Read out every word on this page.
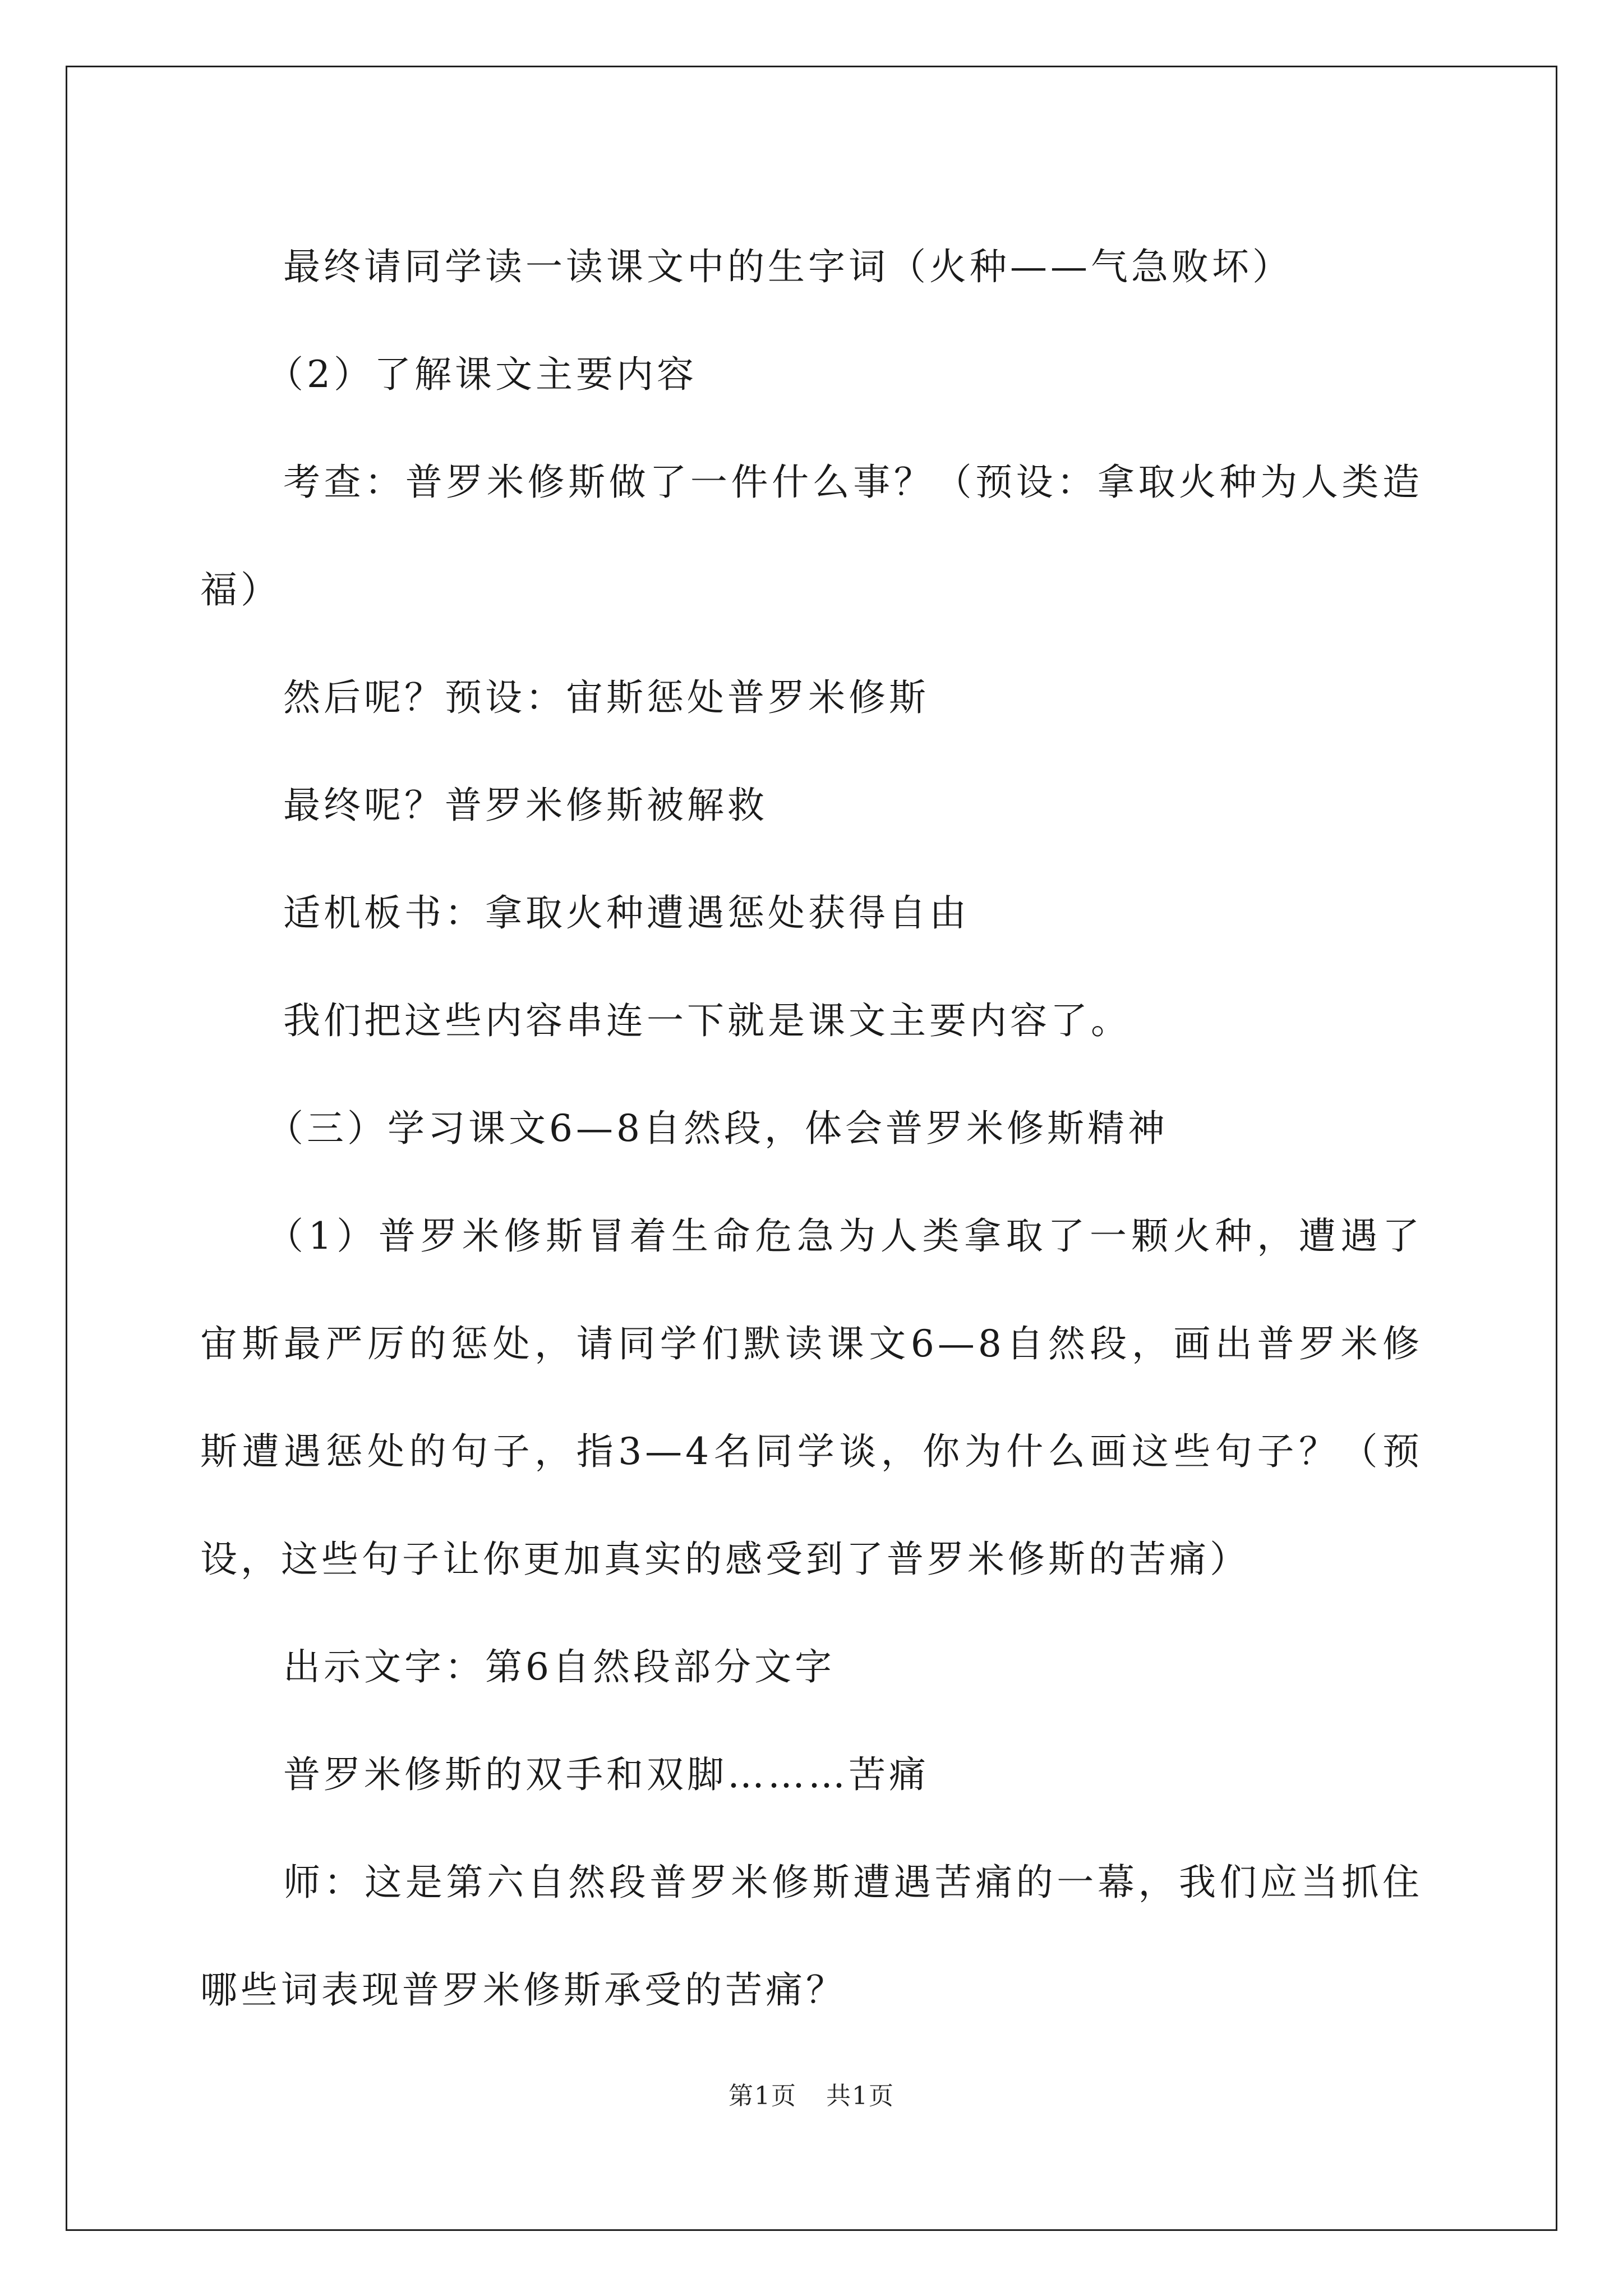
最终请同学读一读课文中的生字词（火种——气急败坏）

（2）了解课文主要内容

考查：普罗米修斯做了一件什么事？（预设：拿取火种为人类造福）

然后呢？预设：宙斯惩处普罗米修斯

最终呢？普罗米修斯被解救

适机板书：拿取火种遭遇惩处获得自由

我们把这些内容串连一下就是课文主要内容了。

（三）学习课文6—8自然段，体会普罗米修斯精神

（1）普罗米修斯冒着生命危急为人类拿取了一颗火种，遭遇了宙斯最严厉的惩处，请同学们默读课文6—8自然段，画出普罗米修斯遭遇惩处的句子，指3—4名同学谈，你为什么画这些句子？（预设，这些句子让你更加真实的感受到了普罗米修斯的苦痛）

出示文字：第6自然段部分文字

普罗米修斯的双手和双脚………苦痛

师：这是第六自然段普罗米修斯遭遇苦痛的一幕，我们应当抓住哪些词表现普罗米修斯承受的苦痛？

第1页 共1页
